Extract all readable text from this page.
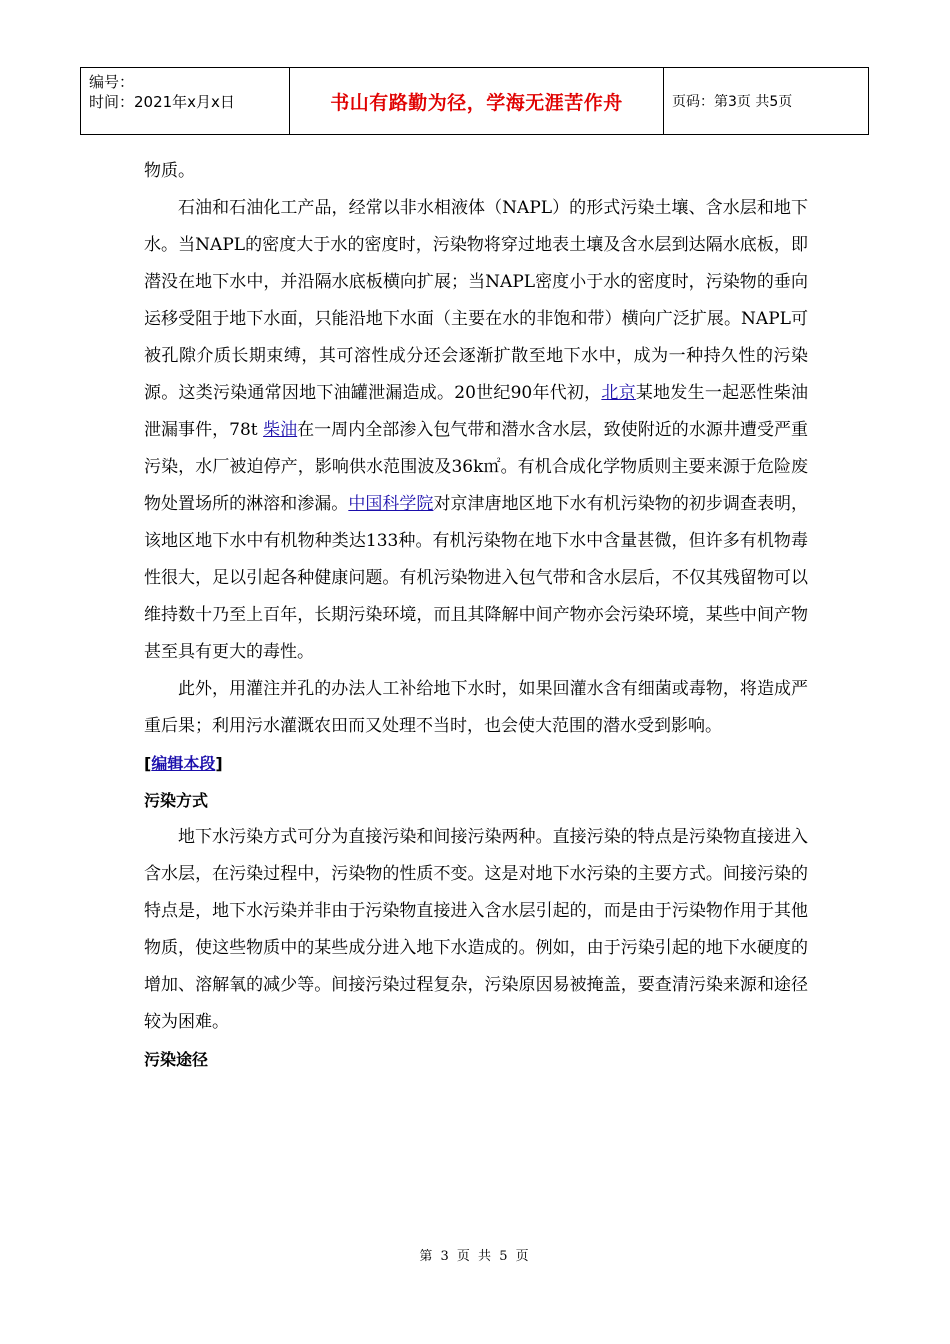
编号：
时间：2021年x月x日	书山有路勤为径，学海无涯苦作舟	页码：第3页 共5页

物质。

石油和石油化工产品，经常以非水相液体（NAPL）的形式污染土壤、含水层和地下水。当NAPL的密度大于水的密度时，污染物将穿过地表土壤及含水层到达隔水底板，即潜没在地下水中，并沿隔水底板横向扩展；当NAPL密度小于水的密度时，污染物的垂向运移受阻于地下水面，只能沿地下水面（主要在水的非饱和带）横向广泛扩展。NAPL可被孔隙介质长期束缚，其可溶性成分还会逐渐扩散至地下水中，成为一种持久性的污染源。这类污染通常因地下油罐泄漏造成。20世纪90年代初，北京某地发生一起恶性柴油泄漏事件，78t 柴油在一周内全部渗入包气带和潜水含水层，致使附近的水源井遭受严重污染，水厂被迫停产，影响供水范围波及36k㎡。有机合成化学物质则主要来源于危险废物处置场所的淋溶和渗漏。中国科学院对京津唐地区地下水有机污染物的初步调查表明，该地区地下水中有机物种类达133种。有机污染物在地下水中含量甚微，但许多有机物毒性很大，足以引起各种健康问题。有机污染物进入包气带和含水层后，不仅其残留物可以维持数十乃至上百年，长期污染环境，而且其降解中间产物亦会污染环境，某些中间产物甚至具有更大的毒性。

此外，用灌注并孔的办法人工补给地下水时，如果回灌水含有细菌或毒物，将造成严重后果；利用污水灌溉农田而又处理不当时，也会使大范围的潜水受到影响。

[编辑本段]

污染方式

地下水污染方式可分为直接污染和间接污染两种。直接污染的特点是污染物直接进入含水层，在污染过程中，污染物的性质不变。这是对地下水污染的主要方式。间接污染的特点是，地下水污染并非由于污染物直接进入含水层引起的，而是由于污染物作用于其他物质，使这些物质中的某些成分进入地下水造成的。例如，由于污染引起的地下水硬度的增加、溶解氧的减少等。间接污染过程复杂，污染原因易被掩盖，要查清污染来源和途径较为困难。

污染途径

第 3 页 共 5 页
